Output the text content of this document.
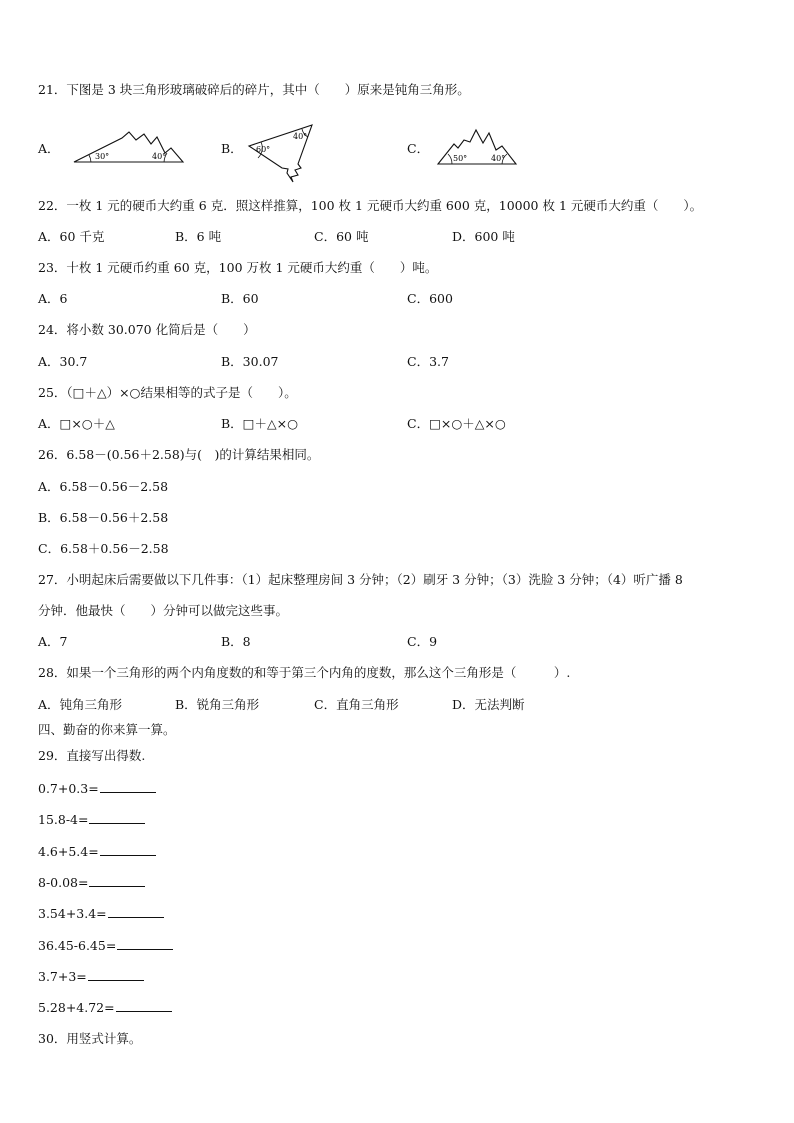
21．下图是 3 块三角形玻璃破碎后的碎片，其中（　　）原来是钝角三角形。
A．
30°	40°
B． 60°
40°
C．
50°	40°
22．一枚 1 元的硬币大约重 6 克．照这样推算，100 枚 1 元硬币大约重 600 克，10000 枚 1 元硬币大约重（　　）。
A．60 千克	B．6 吨	C．60 吨	D．600 吨
23．十枚 1 元硬币约重 60 克，100 万枚 1 元硬币大约重（　　）吨。
A．6	B．60	C．600
24．将小数 30.070 化简后是（　　）
A．30.7	B．30.07	C．3.7
25．（□＋△）×○结果相等的式子是（　　）。
A．□×○＋△	B．□＋△×○	C．□×○＋△×○
26．6.58－(0.56＋2.58)与(　)的计算结果相同。
A．6.58－0.56－2.58
B．6.58－0.56＋2.58
C．6.58＋0.56－2.58
27．小明起床后需要做以下几件事：（1）起床整理房间 3 分钟；（2）刷牙 3 分钟；（3）洗脸 3 分钟；（4）听广播 8
分钟．他最快（　　）分钟可以做完这些事。
A．7	B．8	C．9
28．如果一个三角形的两个内角度数的和等于第三个内角的度数，那么这个三角形是（　　　）.
A．钝角三角形	B．锐角三角形	C．直角三角形	D．无法判断
四、勤奋的你来算一算。
29．直接写出得数.
0.7+0.3=
15.8-4=
4.6+5.4=
8-0.08=
3.54+3.4=
36.45-6.45=
3.7+3=
5.28+4.72=
30．用竖式计算。
